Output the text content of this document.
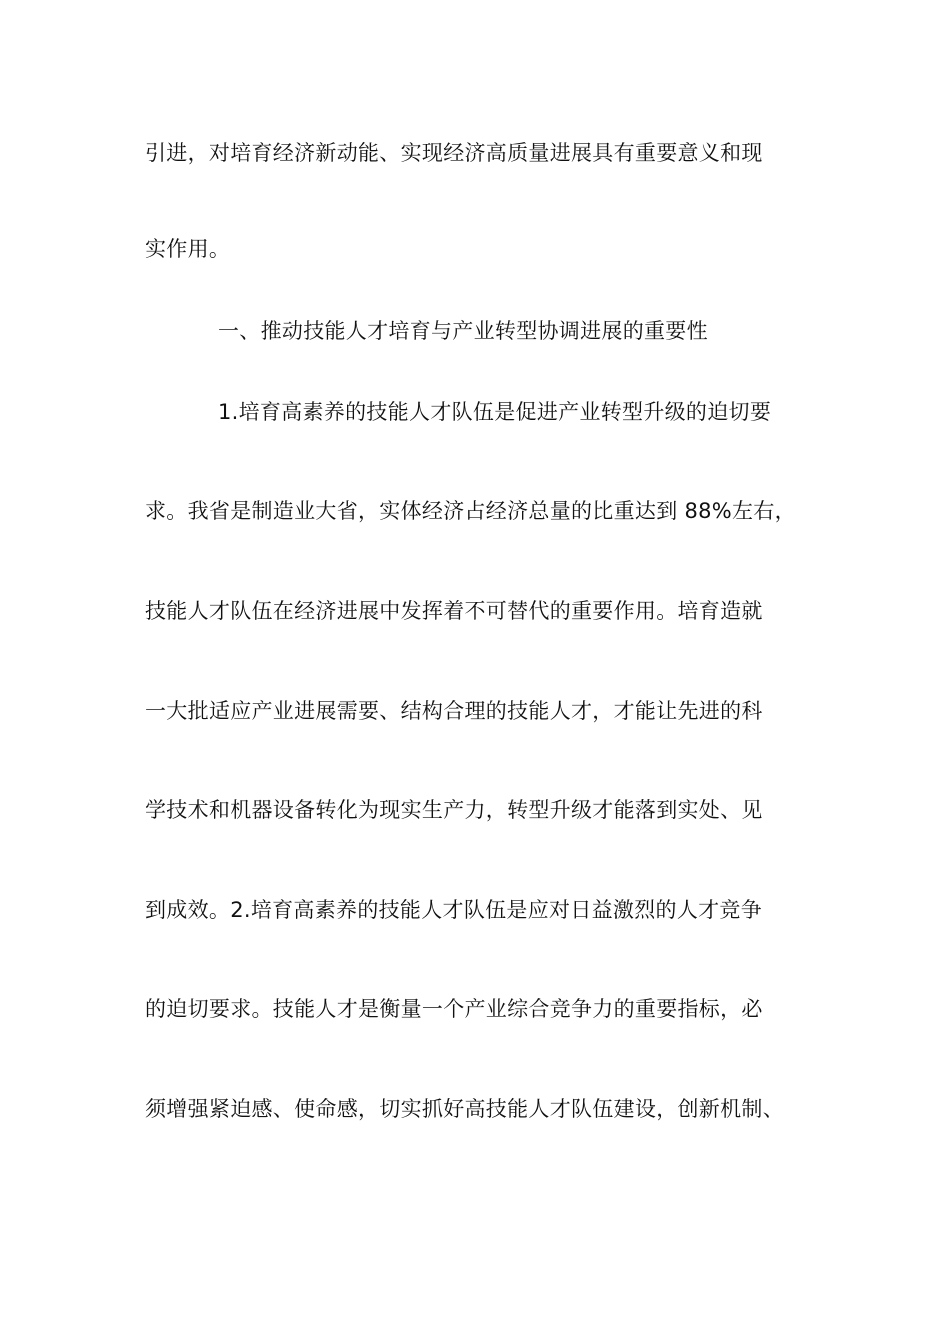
引进，对培育经济新动能、实现经济高质量进展具有重要意义和现
实作用。
一、推动技能人才培育与产业转型协调进展的重要性
1.培育高素养的技能人才队伍是促进产业转型升级的迫切要
求。我省是制造业大省，实体经济占经济总量的比重达到 88%左右，
技能人才队伍在经济进展中发挥着不可替代的重要作用。培育造就
一大批适应产业进展需要、结构合理的技能人才，才能让先进的科
学技术和机器设备转化为现实生产力，转型升级才能落到实处、见
到成效。2.培育高素养的技能人才队伍是应对日益激烈的人才竞争
的迫切要求。技能人才是衡量一个产业综合竞争力的重要指标，必
须增强紧迫感、使命感，切实抓好高技能人才队伍建设，创新机制、
